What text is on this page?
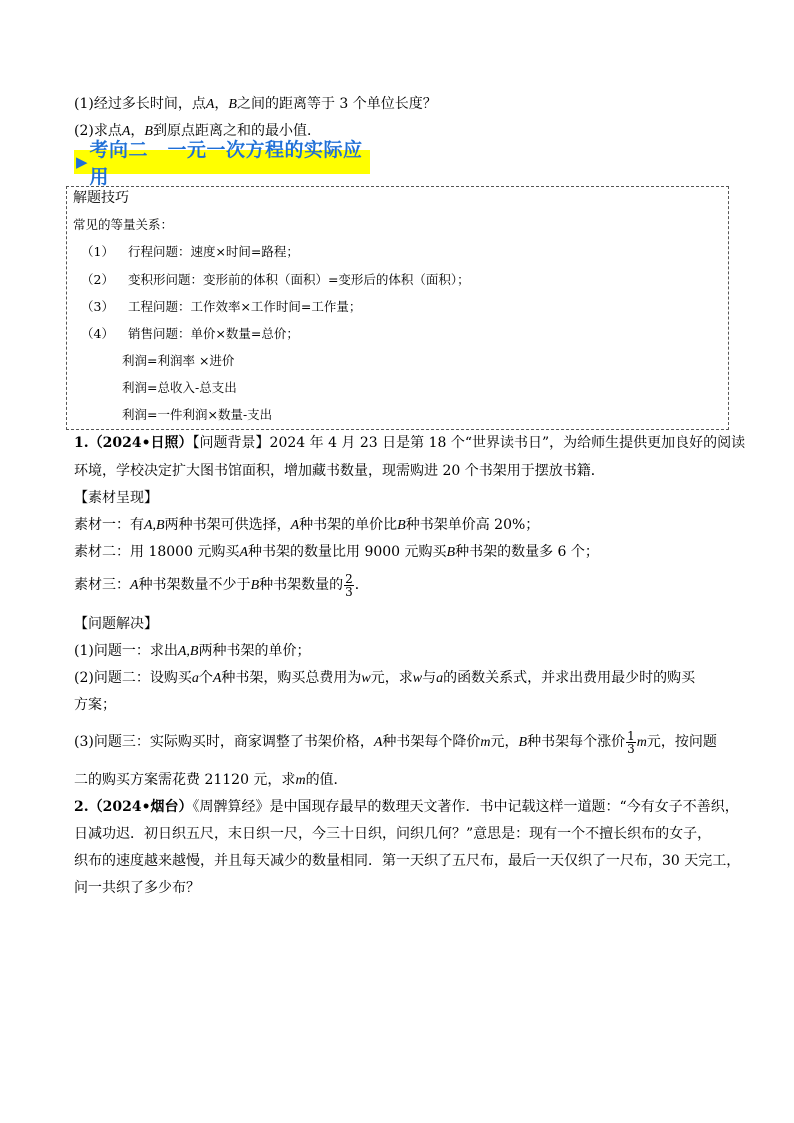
(1)经过多长时间，点A，B之间的距离等于 3 个单位长度？
(2)求点A，B到原点距离之和的最小值．
▶
考向二　一元一次方程的实际应用
解题技巧
常见的等量关系：
（1） 行程问题：速度×时间=路程；
（2） 变积形问题：变形前的体积（面积）=变形后的体积（面积）；
（3） 工程问题：工作效率×工作时间=工作量；
（4） 销售问题：单价×数量=总价；
利润=利润率 ×进价
利润=总收入-总支出
利润=一件利润×数量-支出
1.（2024•日照）【问题背景】2024 年 4 月 23 日是第 18 个“世界读书日”，为给师生提供更加良好的阅读
环境，学校决定扩大图书馆面积，增加藏书数量，现需购进 20 个书架用于摆放书籍．
【素材呈现】
素材一：有A,B两种书架可供选择，A种书架的单价比B种书架单价高 20%；
素材二：用 18000 元购买A种书架的数量比用 9000 元购买B种书架的数量多 6 个；
素材三：A种书架数量不少于B种书架数量的 $\frac{2}{3}$ ．
【问题解决】
(1)问题一：求出A,B两种书架的单价；
(2)问题二：设购买a个A种书架，购买总费用为w元，求w与a的函数关系式，并求出费用最少时的购买
方案；
(3)问题三：实际购买时，商家调整了书架价格，A种书架每个降价m元，B种书架每个涨价 $\frac{1}{3}$ m元，按问题
二的购买方案需花费 21120 元，求m的值．
2.（2024•烟台）《周髀算经》是中国现存最早的数理天文著作．书中记载这样一道题：“今有女子不善织，
日减功迟．初日织五尺，末日织一尺，今三十日织，问织几何？”意思是：现有一个不擅长织布的女子，
织布的速度越来越慢，并且每天减少的数量相同．第一天织了五尺布，最后一天仅织了一尺布，30 天完工，
问一共织了多少布？
